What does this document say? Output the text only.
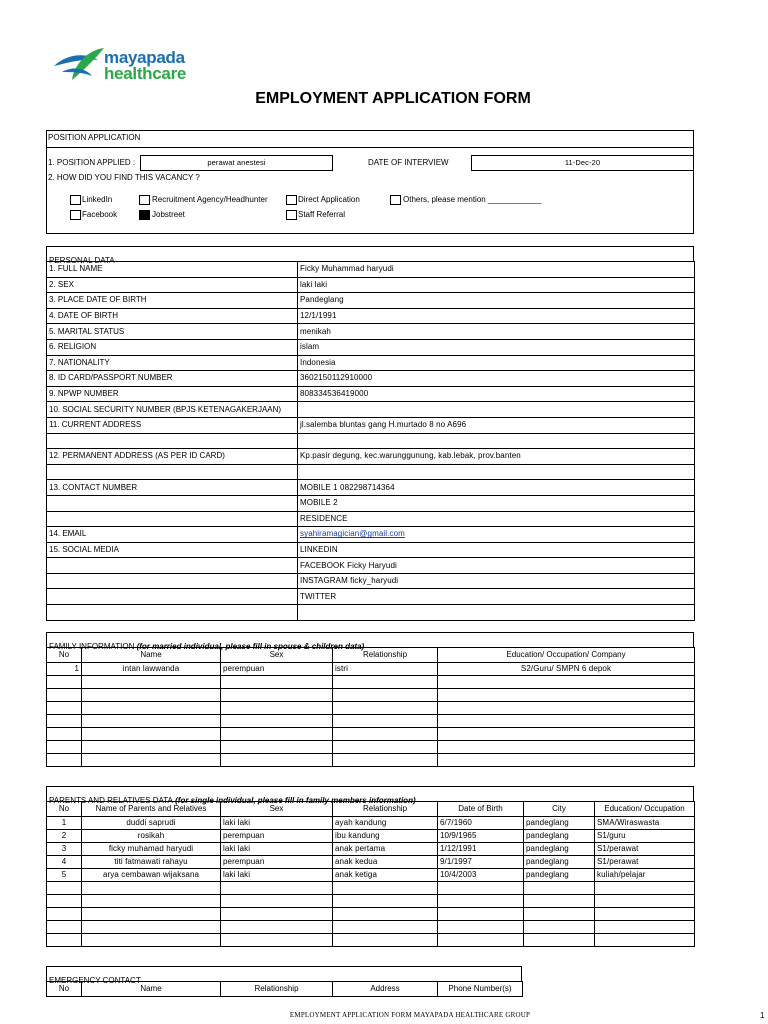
mayapada
healthcare
EMPLOYMENT APPLICATION FORM
POSITION APPLICATION
1. POSITION APPLIED :	perawat anestesi	DATE OF INTERVIEW	11-Dec-20
2. HOW DID YOU FIND THIS VACANCY ?
LinkedIn	Recruitment Agency/Headhunter	Direct Application	Others, please mention ____________
Facebook	Jobstreet	Staff Referral
PERSONAL DATA
1. FULL NAME	Ficky Muhammad haryudi
2. SEX	laki laki
3. PLACE DATE OF BIRTH	Pandeglang
4. DATE OF BIRTH	12/1/1991
5. MARITAL STATUS	menikah
6. RELIGION	islam
7. NATIONALITY	Indonesia
8. ID CARD/PASSPORT NUMBER	3602150112910000
9. NPWP NUMBER	808334536419000
10. SOCIAL SECURITY NUMBER (BPJS KETENAGAKERJAAN)	
11. CURRENT ADDRESS	jl.salemba bluntas gang H.murtado 8 no A696

12. PERMANENT ADDRESS (AS PER ID CARD)	Kp.pasir degung, kec.warunggunung, kab.lebak, prov.banten

13. CONTACT NUMBER	MOBILE 1 082298714364
	MOBILE 2
	RESIDENCE
14. EMAIL	syahiramagician@gmail.com
15. SOCIAL MEDIA	LINKEDIN
	FACEBOOK Ficky Haryudi
	INSTAGRAM ficky_haryudi
	TWITTER

FAMILY INFORMATION (for married individual, please fill in spouse & children data)
No	Name	Sex	Relationship	Education/ Occupation/ Company
1	intan lawwanda	perempuan	istri	S2/Guru/ SMPN 6 depok

PARENTS AND RELATIVES DATA (for single individual, please fill in family members information)
No	Name of Parents and Relatives	Sex	Relationship	Date of Birth	City	Education/ Occupation
1	duddi saprudi	laki laki	ayah kandung	6/7/1960	pandeglang	SMA/Wiraswasta
2	rosikah	perempuan	ibu kandung	10/9/1965	pandeglang	S1/guru
3	ficky muhamad haryudi	laki laki	anak pertama	1/12/1991	pandeglang	S1/perawat
4	titi fatmawati rahayu	perempuan	anak kedua	9/1/1997	pandeglang	S1/perawat
5	arya cembawan wijaksana	laki laki	anak ketiga	10/4/2003	pandeglang	kuliah/pelajar

EMERGENCY CONTACT
No	Name	Relationship	Address	Phone Number(s)
EMPLOYMENT APPLICATION FORM MAYAPADA HEALTHCARE GROUP	1
